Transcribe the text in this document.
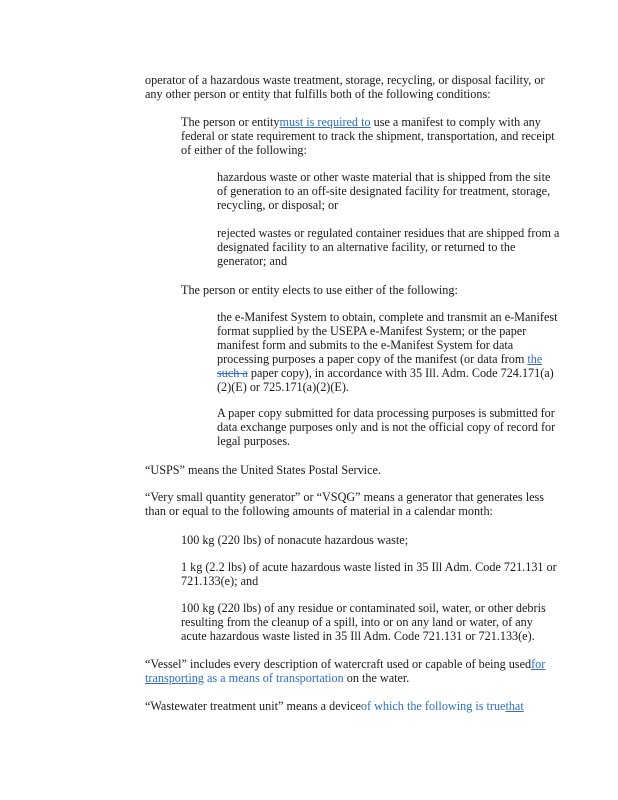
operator of a hazardous waste treatment, storage, recycling, or disposal facility, or any other person or entity that fulfills both of the following conditions:

The person or entitymust is required to use a manifest to comply with any federal or state requirement to track the shipment, transportation, and receipt of either of the following:

hazardous waste or other waste material that is shipped from the site of generation to an off-site designated facility for treatment, storage, recycling, or disposal; or

rejected wastes or regulated container residues that are shipped from a designated facility to an alternative facility, or returned to the generator; and

The person or entity elects to use either of the following:

the e-Manifest System to obtain, complete and transmit an e-Manifest format supplied by the USEPA e-Manifest System; or the paper manifest form and submits to the e-Manifest System for data processing purposes a paper copy of the manifest (or data from the such a paper copy), in accordance with 35 Ill. Adm. Code 724.171(a)(2)(E) or 725.171(a)(2)(E).

A paper copy submitted for data processing purposes is submitted for data exchange purposes only and is not the official copy of record for legal purposes.

“USPS” means the United States Postal Service.

“Very small quantity generator” or “VSQG” means a generator that generates less than or equal to the following amounts of material in a calendar month:

100 kg (220 lbs) of nonacute hazardous waste;

1 kg (2.2 lbs) of acute hazardous waste listed in 35 Ill Adm. Code 721.131 or 721.133(e); and

100 kg (220 lbs) of any residue or contaminated soil, water, or other debris resulting from the cleanup of a spill, into or on any land or water, of any acute hazardous waste listed in 35 Ill Adm. Code 721.131 or 721.133(e).

“Vessel” includes every description of watercraft used or capable of being usedfor transporting as a means of transportation on the water.

“Wastewater treatment unit” means a deviceof which the following is truethat
